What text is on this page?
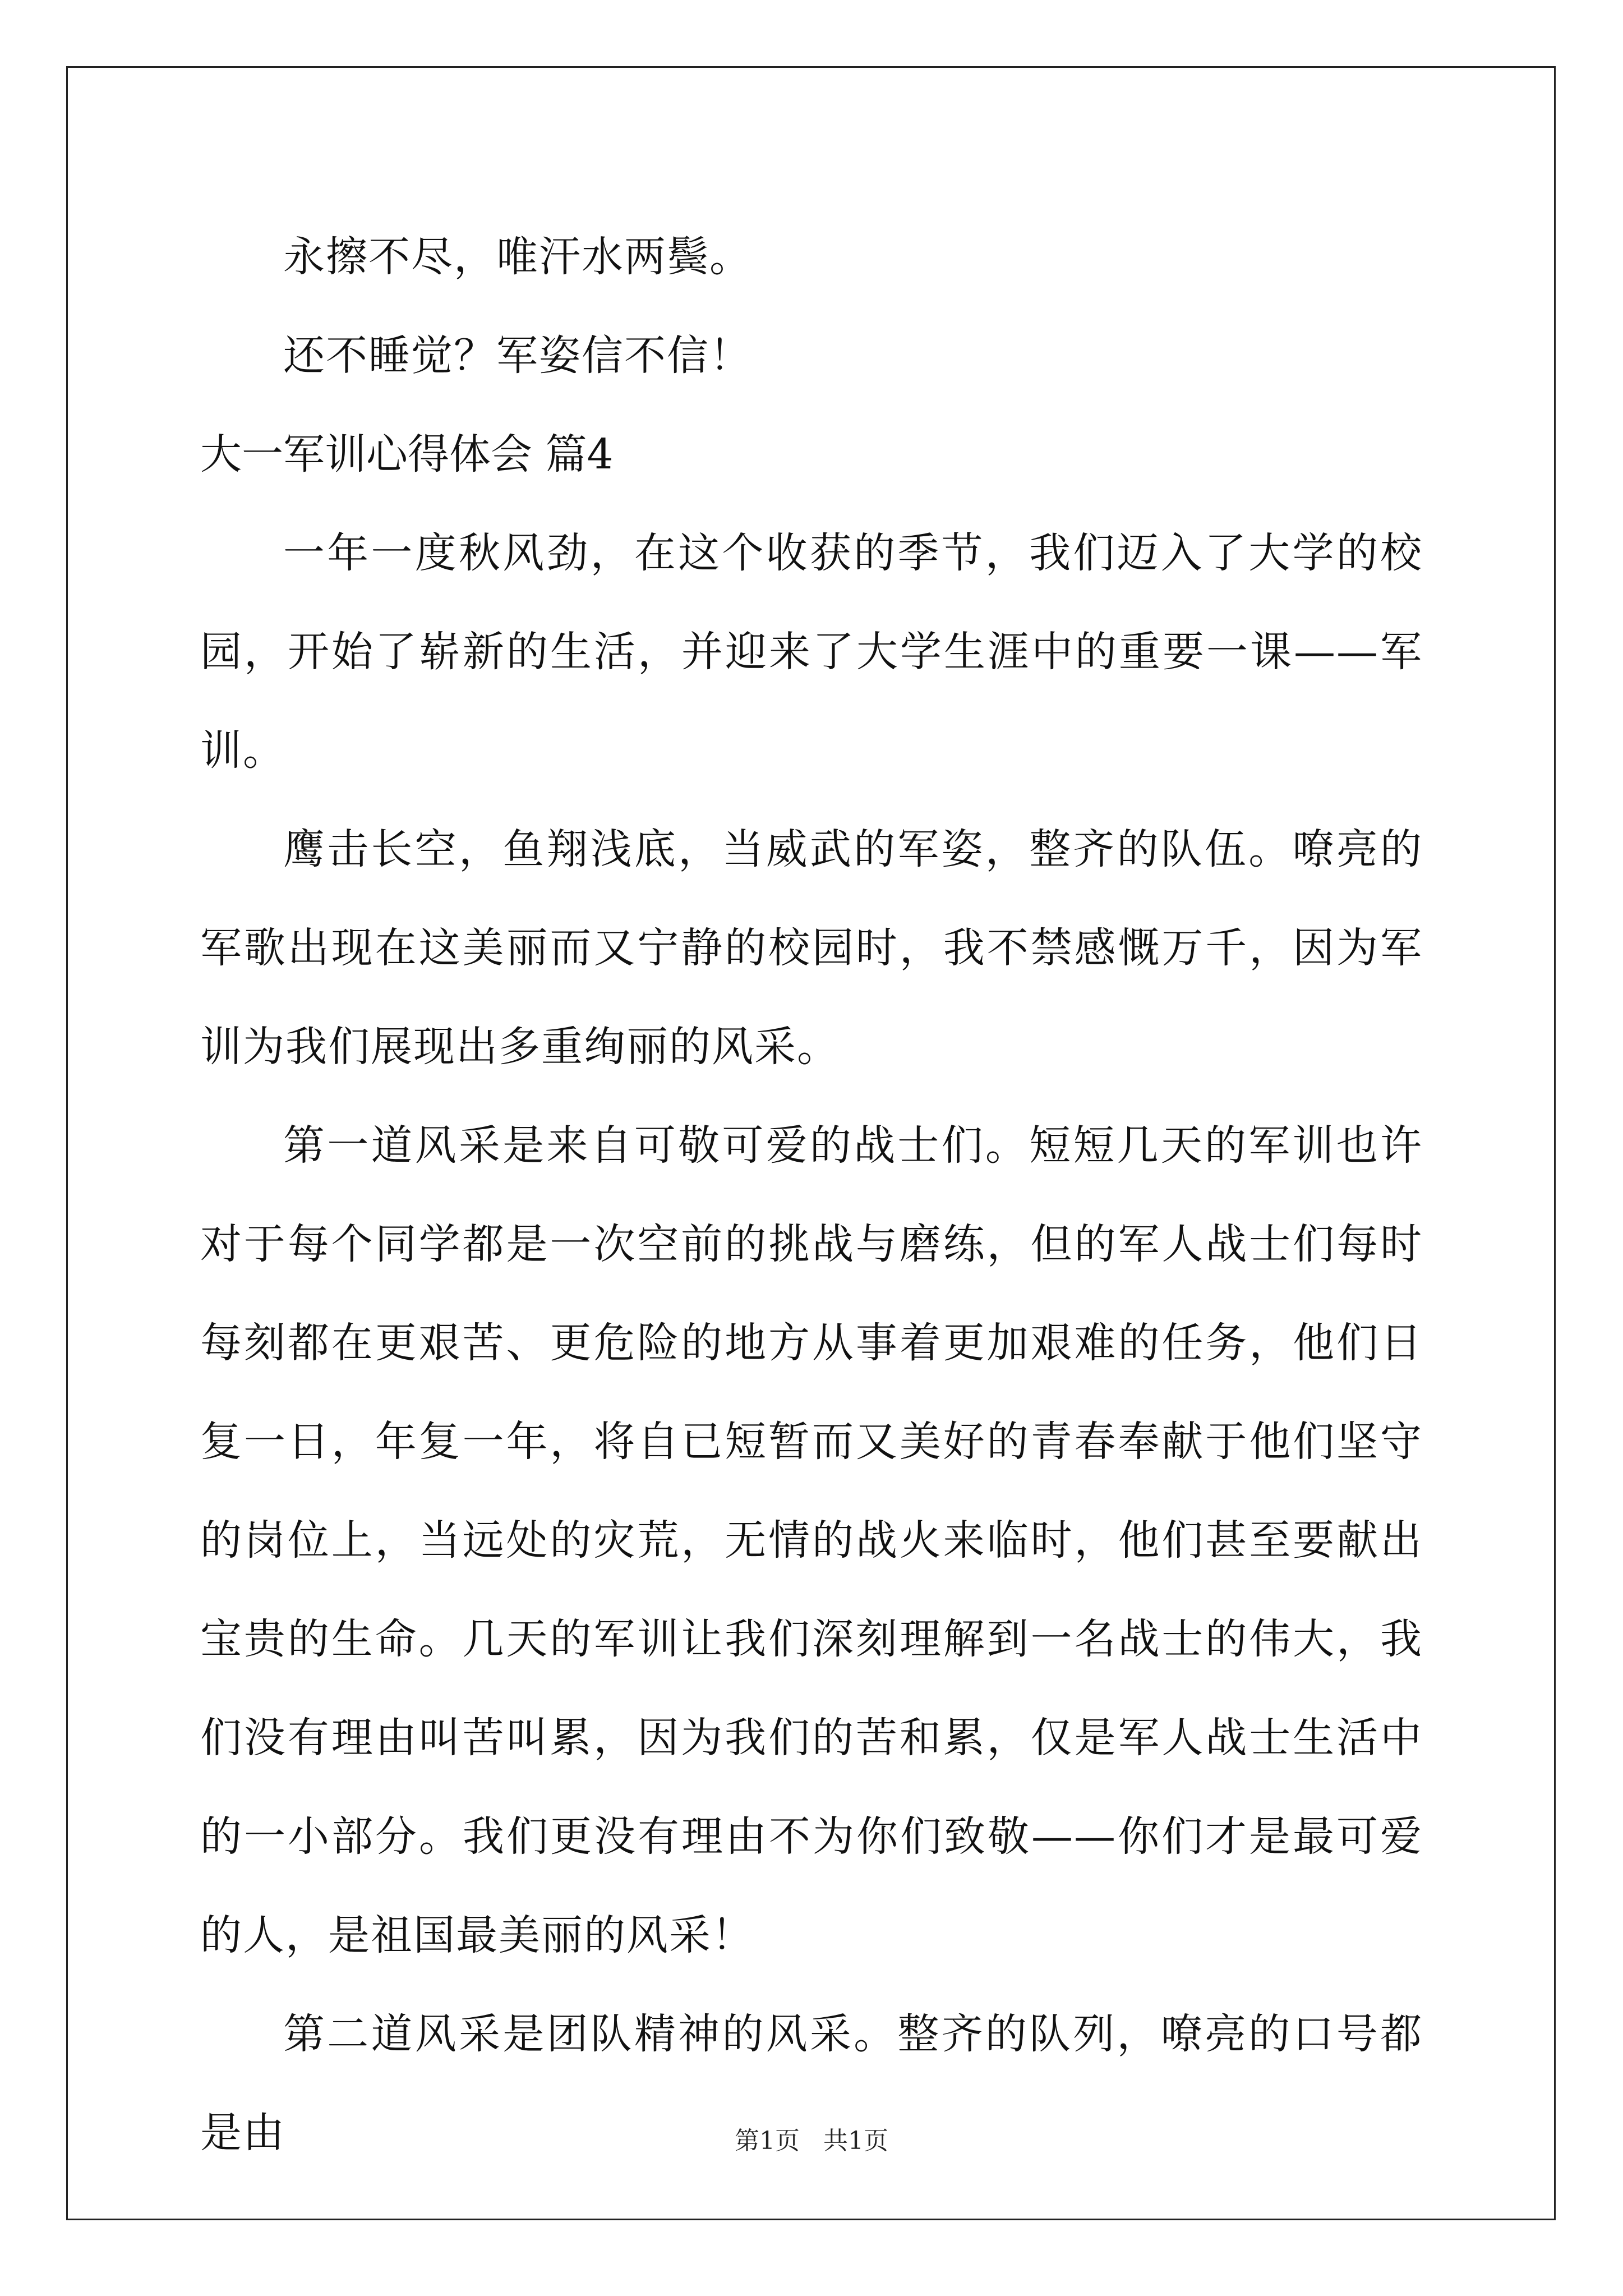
永擦不尽，唯汗水两鬓。

还不睡觉？军姿信不信！

大一军训心得体会 篇4

一年一度秋风劲，在这个收获的季节，我们迈入了大学的校园，开始了崭新的生活，并迎来了大学生涯中的重要一课——军训。

鹰击长空，鱼翔浅底，当威武的军姿，整齐的队伍。嘹亮的军歌出现在这美丽而又宁静的校园时，我不禁感慨万千，因为军训为我们展现出多重绚丽的风采。

第一道风采是来自可敬可爱的战士们。短短几天的军训也许对于每个同学都是一次空前的挑战与磨练，但的军人战士们每时每刻都在更艰苦、更危险的地方从事着更加艰难的任务，他们日复一日，年复一年，将自已短暂而又美好的青春奉献于他们坚守的岗位上，当远处的灾荒，无情的战火来临时，他们甚至要献出宝贵的生命。几天的军训让我们深刻理解到一名战士的伟大，我们没有理由叫苦叫累，因为我们的苦和累，仅是军人战士生活中的一小部分。我们更没有理由不为你们致敬——你们才是最可爱的人，是祖国最美丽的风采！

第二道风采是团队精神的风采。整齐的队列，嘹亮的口号都是由	第1页 共1页
